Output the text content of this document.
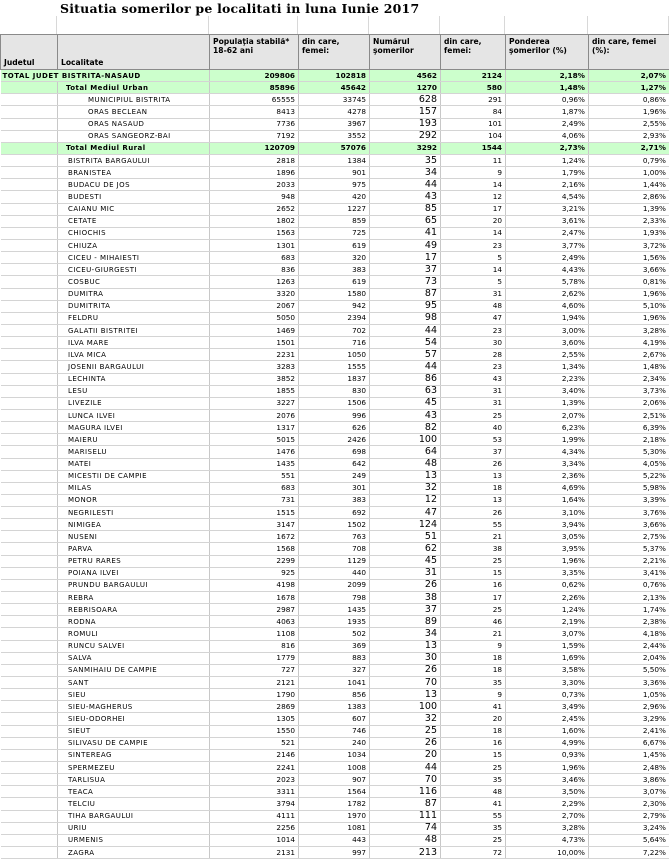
Situatia somerilor pe localitati in luna Iunie 2017
Judetul	Localitate	Populaţia stabilă* 18-62 ani	din care, femei:	Numărul şomerilor	din care, femei:	Ponderea şomerilor (%)	din care, femei (%):
TOTAL JUDET BISTRITA-NASAUD		209806	102818	4562	2124	2,18%	2,07%
	Total Mediul Urban	85896	45642	1270	580	1,48%	1,27%
	MUNICIPIUL BISTRITA	65555	33745	628	291	0,96%	0,86%
	ORAS BECLEAN	8413	4278	157	84	1,87%	1,96%
	ORAS NASAUD	7736	3967	193	101	2,49%	2,55%
	ORAS SANGEORZ-BAI	7192	3552	292	104	4,06%	2,93%
	Total Mediul Rural	120709	57076	3292	1544	2,73%	2,71%
	BISTRITA BARGAULUI	2818	1384	35	11	1,24%	0,79%
	BRANISTEA	1896	901	34	9	1,79%	1,00%
	BUDACU DE JOS	2033	975	44	14	2,16%	1,44%
	BUDESTI	948	420	43	12	4,54%	2,86%
	CAIANU MIC	2652	1227	85	17	3,21%	1,39%
	CETATE	1802	859	65	20	3,61%	2,33%
	CHIOCHIS	1563	725	41	14	2,47%	1,93%
	CHIUZA	1301	619	49	23	3,77%	3,72%
	CICEU - MIHAIESTI	683	320	17	5	2,49%	1,56%
	CICEU-GIURGESTI	836	383	37	14	4,43%	3,66%
	COSBUC	1263	619	73	5	5,78%	0,81%
	DUMITRA	3320	1580	87	31	2,62%	1,96%
	DUMITRITA	2067	942	95	48	4,60%	5,10%
	FELDRU	5050	2394	98	47	1,94%	1,96%
	GALATII BISTRITEI	1469	702	44	23	3,00%	3,28%
	ILVA MARE	1501	716	54	30	3,60%	4,19%
	ILVA MICA	2231	1050	57	28	2,55%	2,67%
	JOSENII BARGAULUI	3283	1555	44	23	1,34%	1,48%
	LECHINTA	3852	1837	86	43	2,23%	2,34%
	LESU	1855	830	63	31	3,40%	3,73%
	LIVEZILE	3227	1506	45	31	1,39%	2,06%
	LUNCA ILVEI	2076	996	43	25	2,07%	2,51%
	MAGURA ILVEI	1317	626	82	40	6,23%	6,39%
	MAIERU	5015	2426	100	53	1,99%	2,18%
	MARISELU	1476	698	64	37	4,34%	5,30%
	MATEI	1435	642	48	26	3,34%	4,05%
	MICESTII DE CAMPIE	551	249	13	13	2,36%	5,22%
	MILAS	683	301	32	18	4,69%	5,98%
	MONOR	731	383	12	13	1,64%	3,39%
	NEGRILESTI	1515	692	47	26	3,10%	3,76%
	NIMIGEA	3147	1502	124	55	3,94%	3,66%
	NUSENI	1672	763	51	21	3,05%	2,75%
	PARVA	1568	708	62	38	3,95%	5,37%
	PETRU RARES	2299	1129	45	25	1,96%	2,21%
	POIANA ILVEI	925	440	31	15	3,35%	3,41%
	PRUNDU BARGAULUI	4198	2099	26	16	0,62%	0,76%
	REBRA	1678	798	38	17	2,26%	2,13%
	REBRISOARA	2987	1435	37	25	1,24%	1,74%
	RODNA	4063	1935	89	46	2,19%	2,38%
	ROMULI	1108	502	34	21	3,07%	4,18%
	RUNCU SALVEI	816	369	13	9	1,59%	2,44%
	SALVA	1779	883	30	18	1,69%	2,04%
	SANMIHAIU DE CAMPIE	727	327	26	18	3,58%	5,50%
	SANT	2121	1041	70	35	3,30%	3,36%
	SIEU	1790	856	13	9	0,73%	1,05%
	SIEU-MAGHERUS	2869	1383	100	41	3,49%	2,96%
	SIEU-ODORHEI	1305	607	32	20	2,45%	3,29%
	SIEUT	1550	746	25	18	1,60%	2,41%
	SILIVASU DE CAMPIE	521	240	26	16	4,99%	6,67%
	SINTEREAG	2146	1034	20	15	0,93%	1,45%
	SPERMEZEU	2241	1008	44	25	1,96%	2,48%
	TARLISUA	2023	907	70	35	3,46%	3,86%
	TEACA	3311	1564	116	48	3,50%	3,07%
	TELCIU	3794	1782	87	41	2,29%	2,30%
	TIHA BARGAULUI	4111	1970	111	55	2,70%	2,79%
	URIU	2256	1081	74	35	3,28%	3,24%
	URMENIS	1014	443	48	25	4,73%	5,64%
	ZAGRA	2131	997	213	72	10,00%	7,22%
